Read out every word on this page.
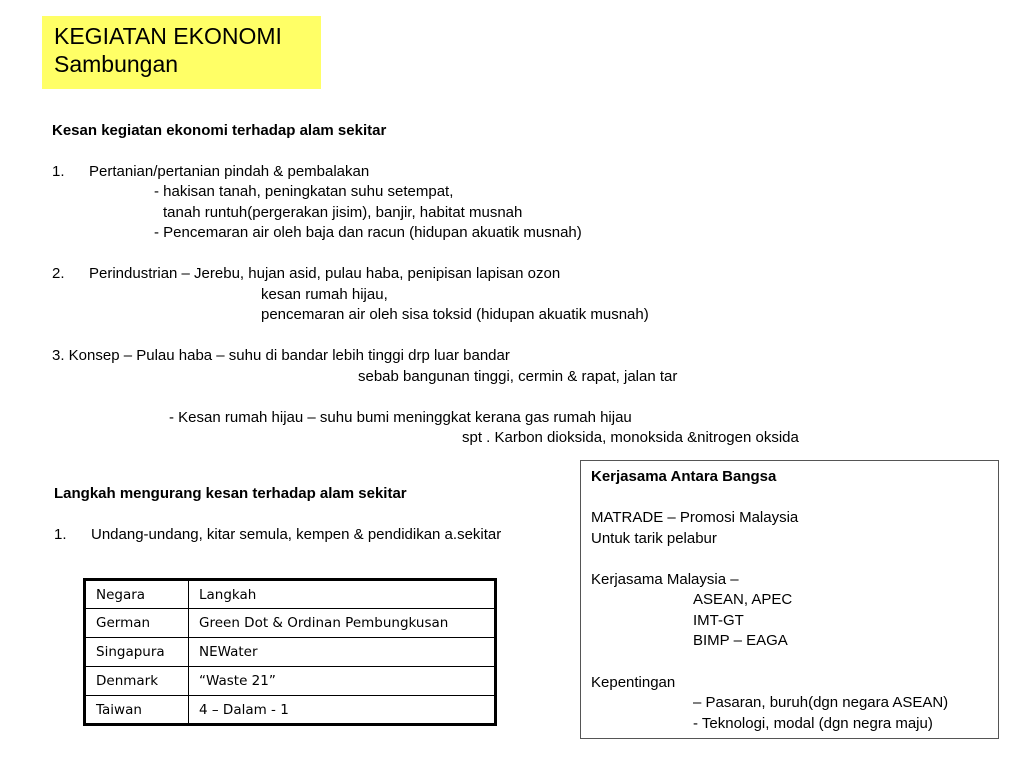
KEGIATAN EKONOMI
Sambungan
Kesan kegiatan ekonomi terhadap alam sekitar
1. Pertanian/pertanian pindah & pembalakan
- hakisan tanah, peningkatan suhu setempat,
tanah runtuh(pergerakan jisim), banjir, habitat musnah
- Pencemaran air oleh baja dan racun (hidupan akuatik musnah)
2. Perindustrian – Jerebu, hujan asid, pulau haba, penipisan lapisan ozon
kesan rumah hijau,
pencemaran air oleh sisa toksid (hidupan akuatik musnah)
3. Konsep – Pulau haba – suhu di bandar lebih tinggi drp luar bandar
sebab bangunan tinggi, cermin & rapat, jalan tar
- Kesan rumah hijau – suhu bumi meninggkat kerana gas rumah hijau
spt . Karbon dioksida, monoksida &nitrogen oksida
Langkah mengurang kesan terhadap alam sekitar
1. Undang-undang, kitar semula, kempen & pendidikan a.sekitar
Negara	Langkah
German	Green Dot & Ordinan Pembungkusan
Singapura	NEWater
Denmark	“Waste 21”
Taiwan	4 – Dalam - 1
Kerjasama Antara Bangsa
MATRADE – Promosi Malaysia
Untuk tarik pelabur
Kerjasama Malaysia –
ASEAN, APEC
IMT-GT
BIMP – EAGA
Kepentingan
– Pasaran, buruh(dgn negara ASEAN)
- Teknologi, modal (dgn negra maju)
